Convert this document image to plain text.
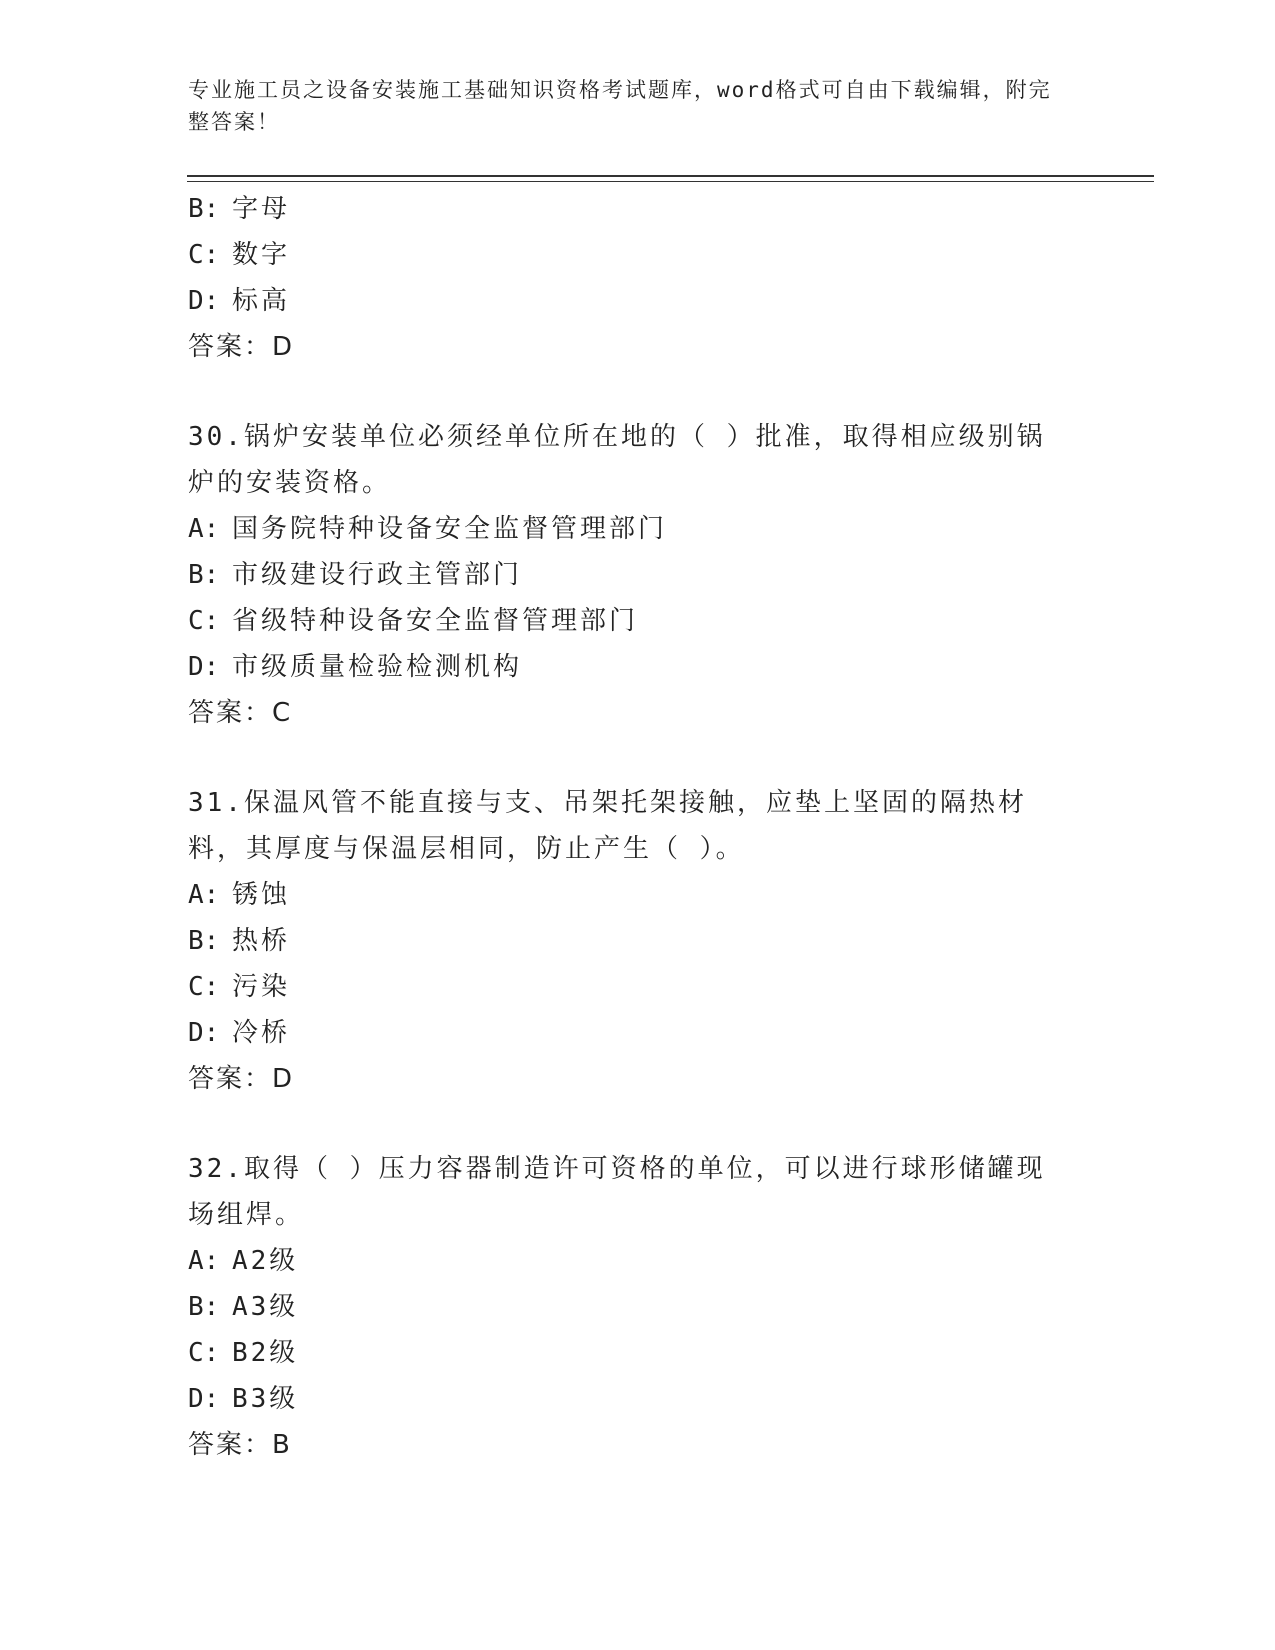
专业施工员之设备安装施工基础知识资格考试题库，word格式可自由下载编辑，附完整答案！
B: 字母
C: 数字
D: 标高
答案：D
30.锅炉安装单位必须经单位所在地的（ ）批准，取得相应级别锅炉的安装资格。
A: 国务院特种设备安全监督管理部门
B: 市级建设行政主管部门
C: 省级特种设备安全监督管理部门
D: 市级质量检验检测机构
答案：C
31.保温风管不能直接与支、吊架托架接触，应垫上坚固的隔热材料，其厚度与保温层相同，防止产生（ ）。
A: 锈蚀
B: 热桥
C: 污染
D: 冷桥
答案：D
32.取得（ ）压力容器制造许可资格的单位，可以进行球形储罐现场组焊。
A: A2级
B: A3级
C: B2级
D: B3级
答案：B
